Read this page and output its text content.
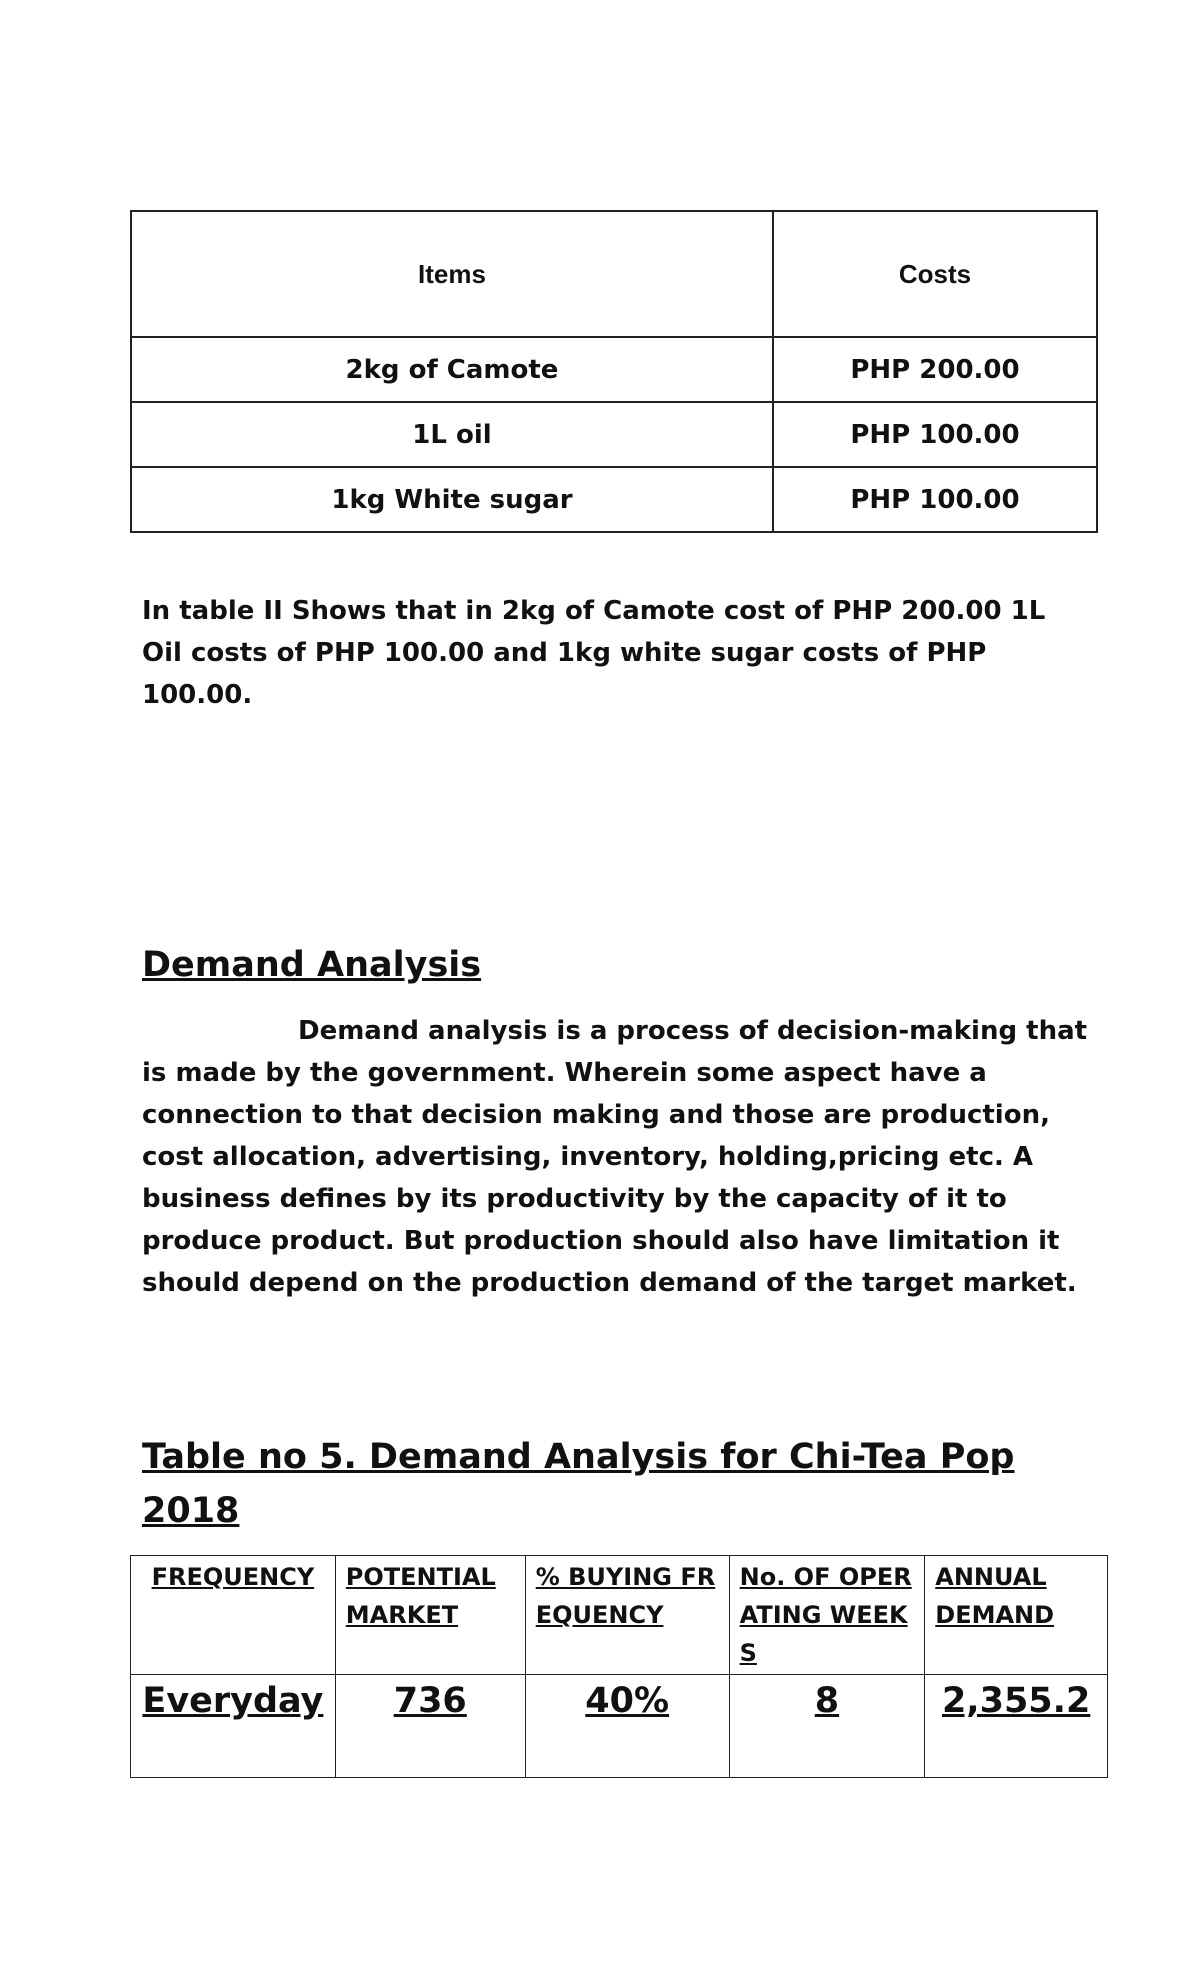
Items	Costs
2kg of Camote	PHP 200.00
1L oil	PHP 100.00
1kg White sugar	PHP 100.00

In table II Shows that in 2kg of Camote cost of PHP 200.00 1L Oil costs of PHP 100.00 and 1kg white sugar costs of PHP 100.00.

Demand Analysis

Demand analysis is a process of decision-making that is made by the government. Wherein some aspect have a connection to that decision making and those are production, cost allocation, advertising, inventory, holding,pricing etc. A business defines by its productivity by the capacity of it to produce product. But production should also have limitation it should depend on the production demand of the target market.

Table no 5. Demand Analysis for Chi-Tea Pop 2018
FREQUENCY	POTENTIAL MARKET	% BUYING FREQUENCY	No. OF OPERATING WEEKS	ANNUAL DEMAND
Everyday	736	40%	8	2,355.2
